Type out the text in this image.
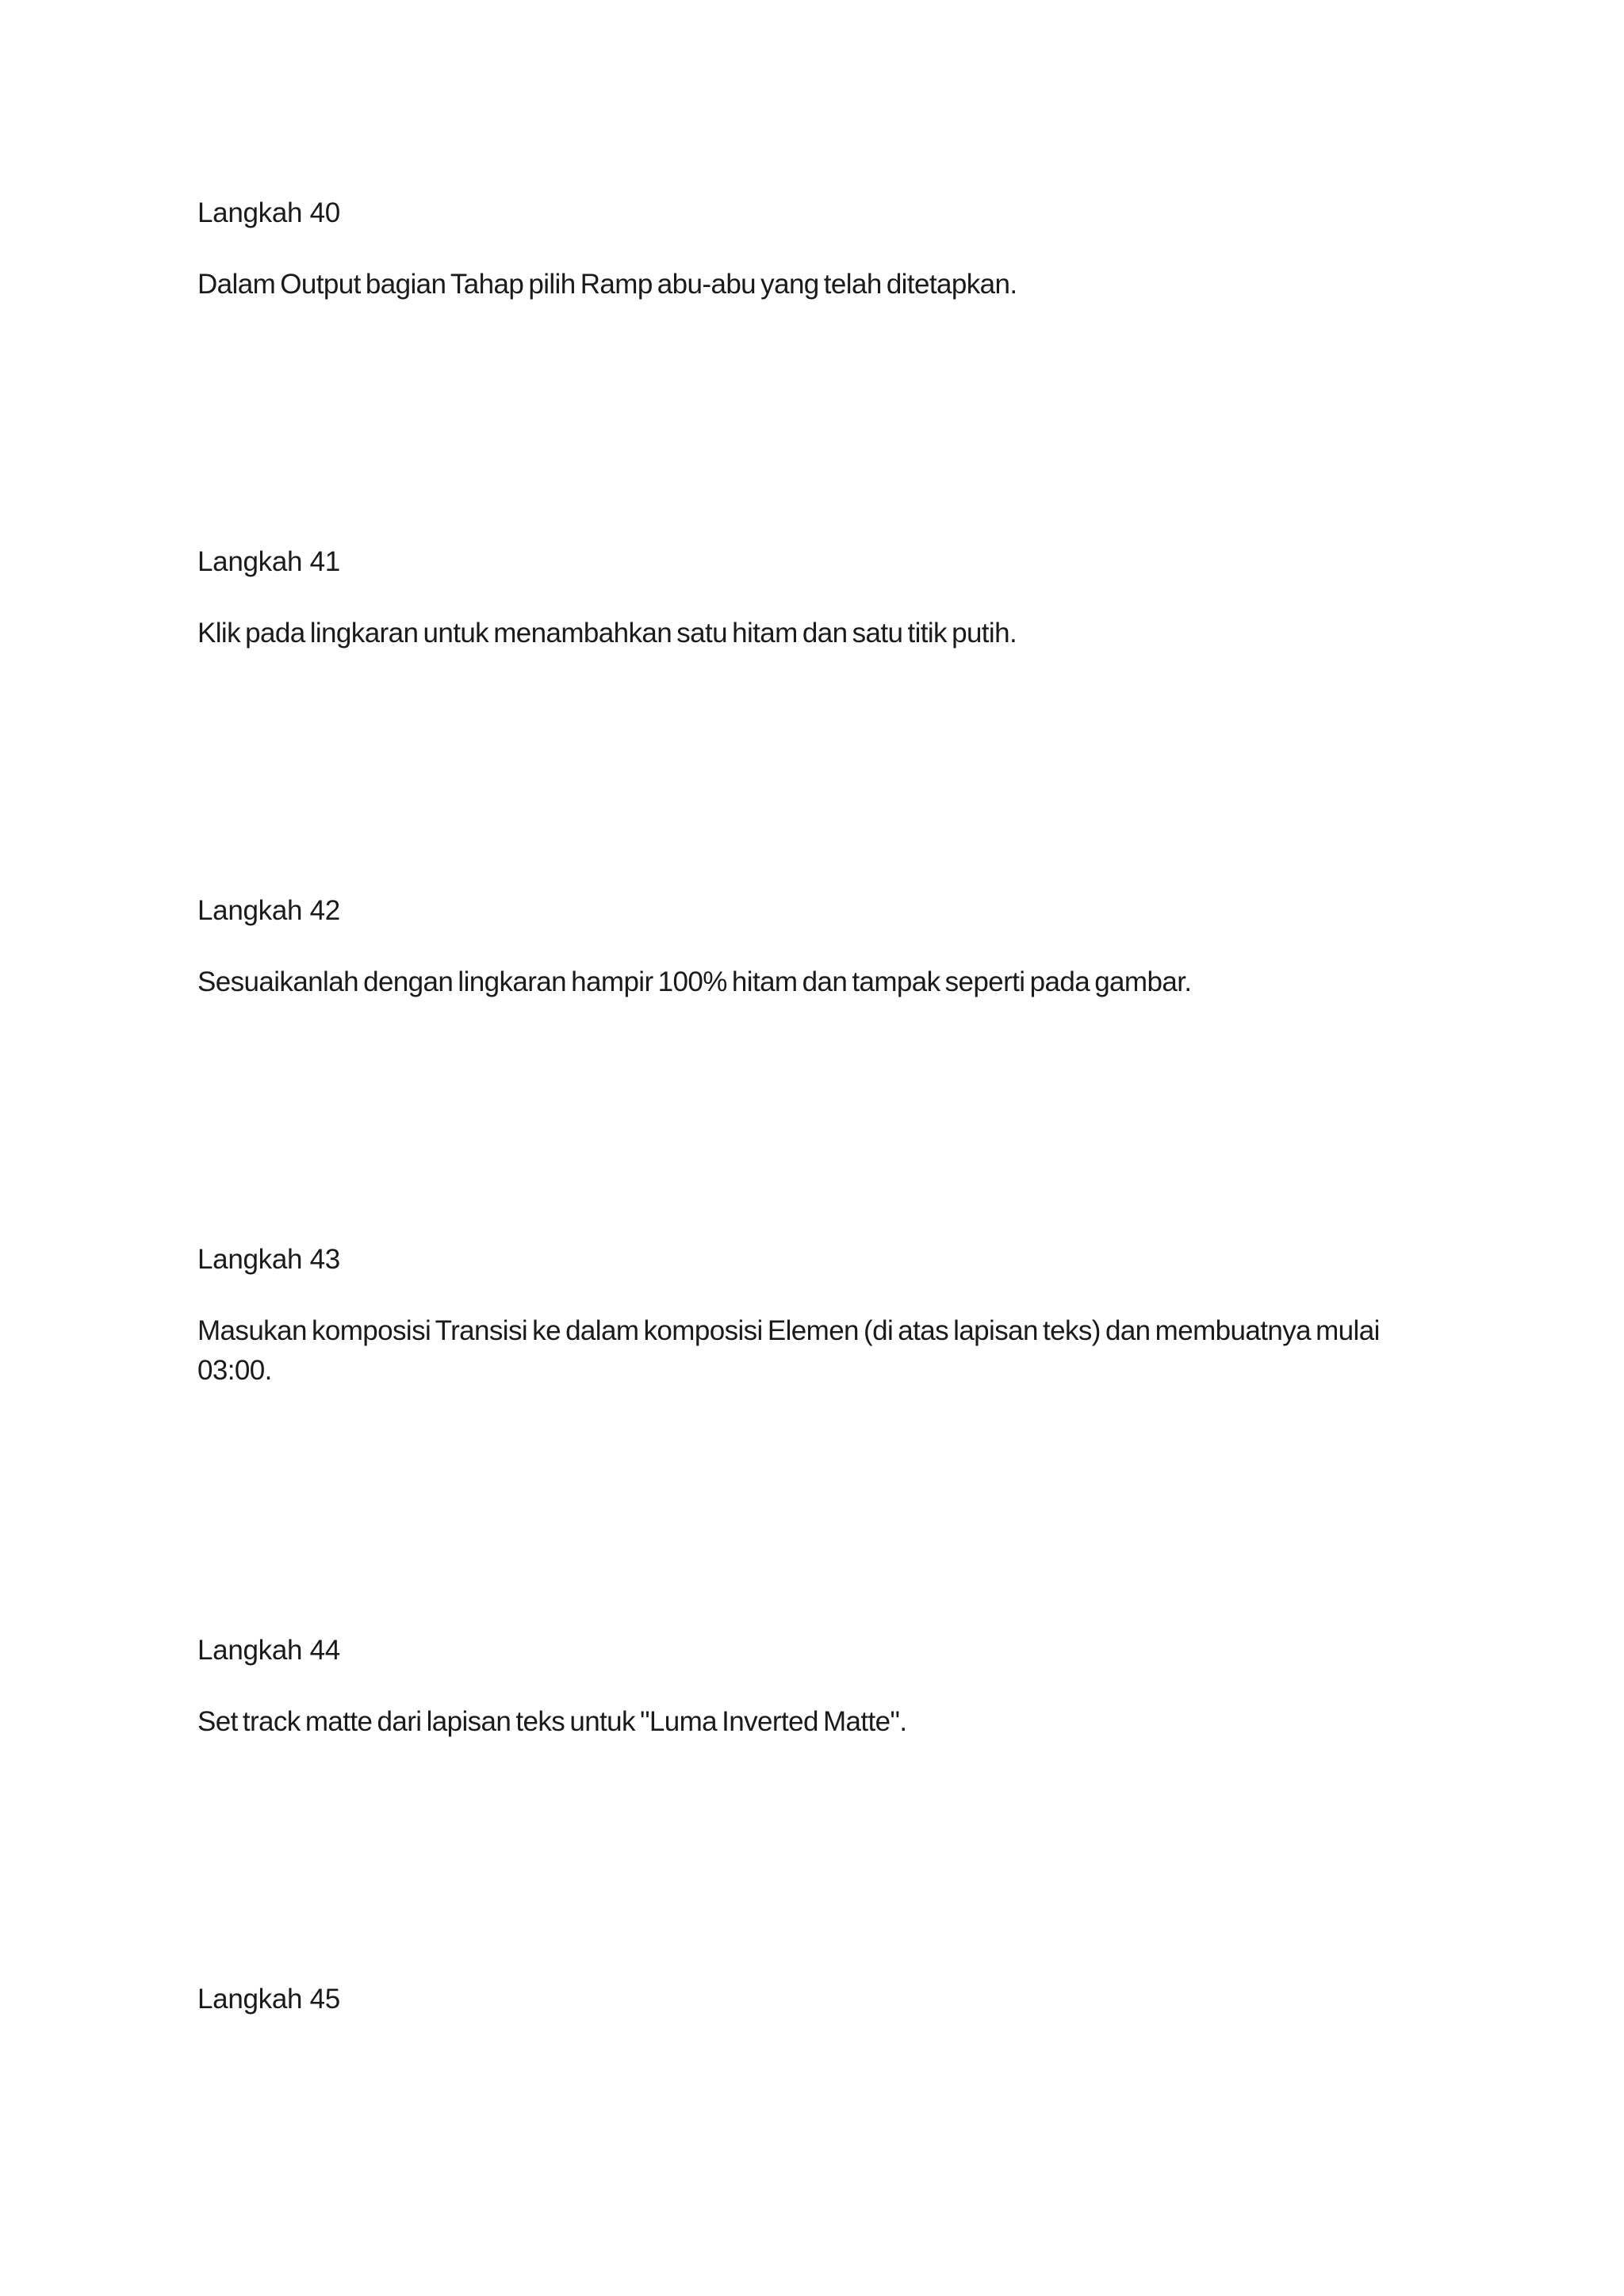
Langkah 40

Dalam Output bagian Tahap pilih Ramp abu-abu yang telah ditetapkan.

Langkah 41

Klik pada lingkaran untuk menambahkan satu hitam dan satu titik putih.

Langkah 42

Sesuaikanlah dengan lingkaran hampir 100% hitam dan tampak seperti pada gambar.

Langkah 43

Masukan komposisi Transisi ke dalam komposisi Elemen (di atas lapisan teks) dan membuatnya mulai 03:00.

Langkah 44

Set track matte dari lapisan teks untuk "Luma Inverted Matte".

Langkah 45
